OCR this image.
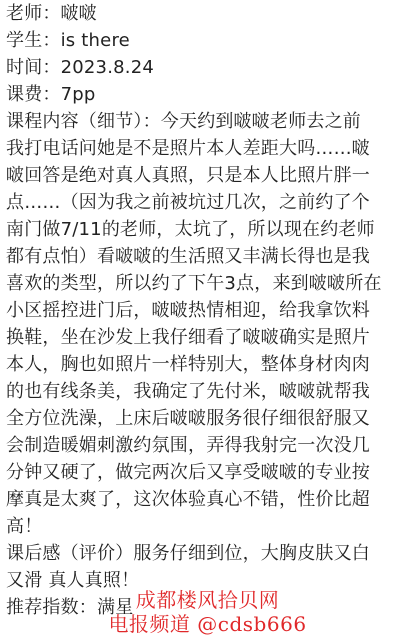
老师：啵啵
学生：is there
时间：2023.8.24
课费：7pp
课程内容（细节）：今天约到啵啵老师去之前
我打电话问她是不是照片本人差距大吗……啵
啵回答是绝对真人真照，只是本人比照片胖一
点……（因为我之前被坑过几次，之前约了个
南门做7/11的老师，太坑了，所以现在约老师
都有点怕）看啵啵的生活照又丰满长得也是我
喜欢的类型，所以约了下午3点，来到啵啵所在
小区摇控进门后，啵啵热情相迎，给我拿饮料
换鞋，坐在沙发上我仔细看了啵啵确实是照片
本人，胸也如照片一样特别大，整体身材肉肉
的也有线条美，我确定了先付米，啵啵就帮我
全方位洗澡，上床后啵啵服务很仔细很舒服又
会制造暖媚刺激约氛围，弄得我射完一次没几
分钟又硬了，做完两次后又享受啵啵的专业按
摩真是太爽了，这次体验真心不错，性价比超
高！
课后感（评价）服务仔细到位，大胸皮肤又白
又滑 真人真照！
推荐指数：满星 成都楼风拾贝网
电报频道 @cdsb666
